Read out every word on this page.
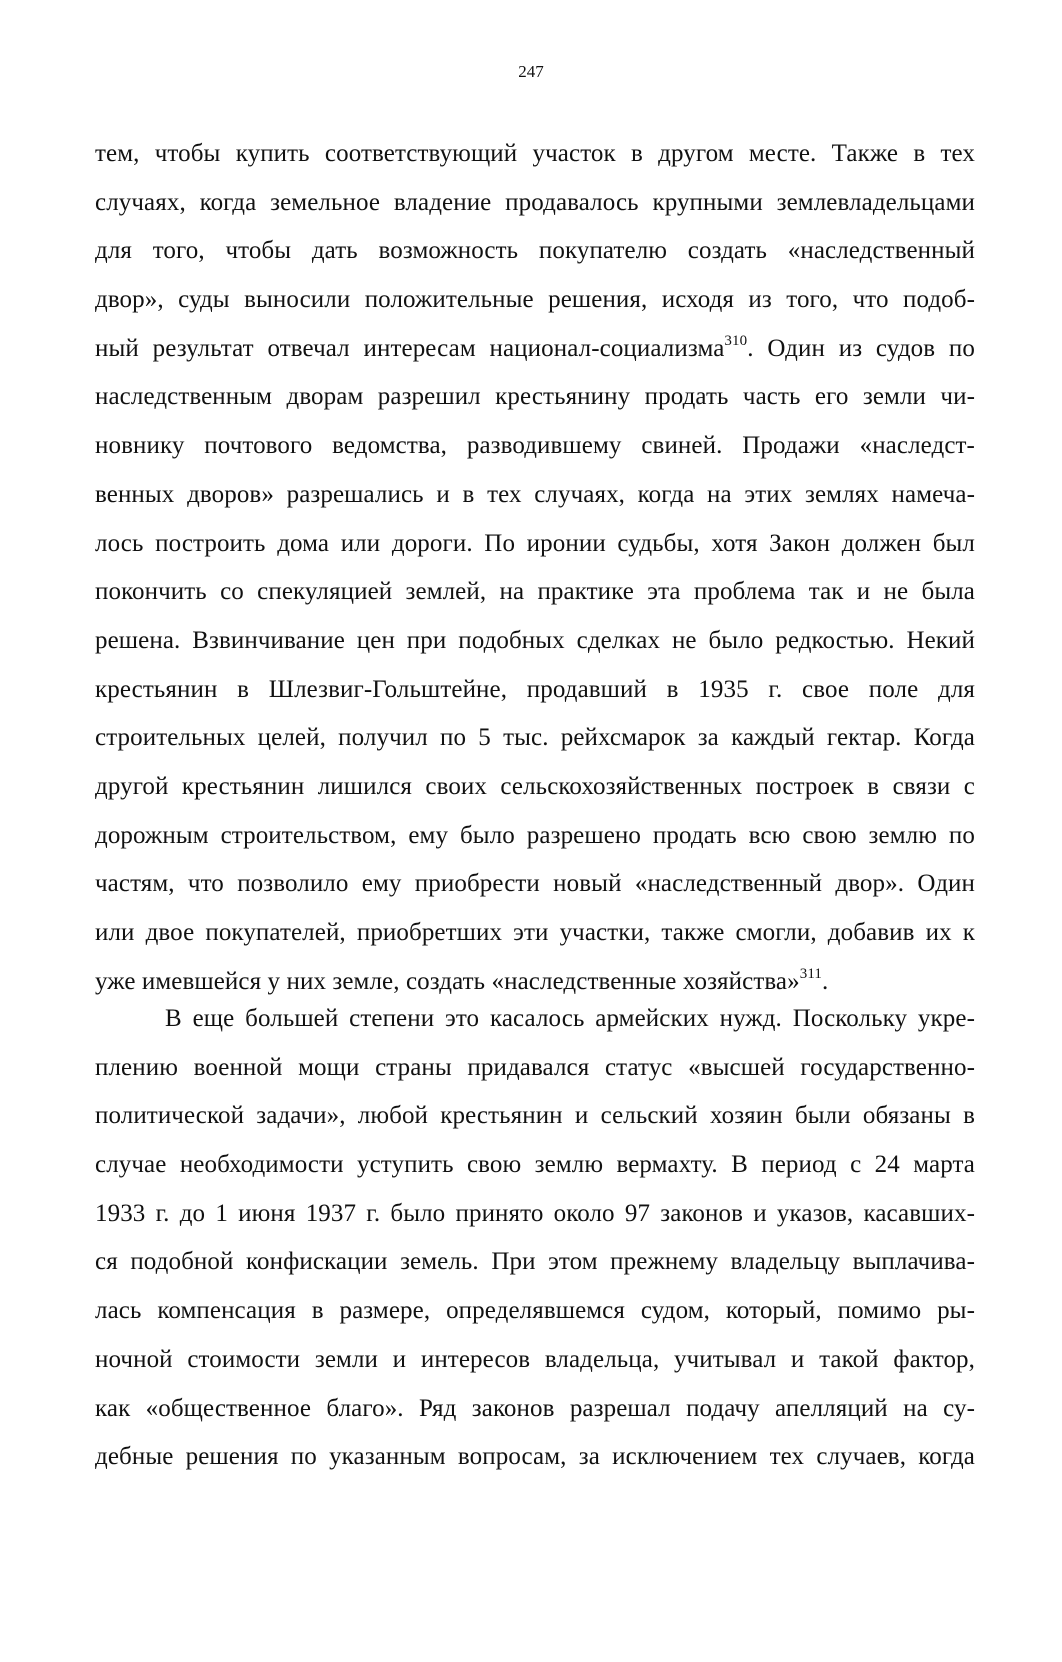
247
тем, чтобы купить соответствующий участок в другом месте. Также в тех
случаях, когда земельное владение продавалось крупными землевладельцами
для того, чтобы дать возможность покупателю создать «наследственный
двор», суды выносили положительные решения, исходя из того, что подоб-
ный результат отвечал интересам национал-социализма$^{310}$. Один из судов по
наследственным дворам разрешил крестьянину продать часть его земли чи-
новнику почтового ведомства, разводившему свиней. Продажи «наследст-
венных дворов» разрешались и в тех случаях, когда на этих землях намеча-
лось построить дома или дороги. По иронии судьбы, хотя Закон должен был
покончить со спекуляцией землей, на практике эта проблема так и не была
решена. Взвинчивание цен при подобных сделках не было редкостью. Некий
крестьянин в Шлезвиг-Гольштейне, продавший в 1935 г. свое поле для
строительных целей, получил по 5 тыс. рейхсмарок за каждый гектар. Когда
другой крестьянин лишился своих сельскохозяйственных построек в связи с
дорожным строительством, ему было разрешено продать всю свою землю по
частям, что позволило ему приобрести новый «наследственный двор». Один
или двое покупателей, приобретших эти участки, также смогли, добавив их к
уже имевшейся у них земле, создать «наследственные хозяйства»$^{311}$.
В еще большей степени это касалось армейских нужд. Поскольку укре-
плению военной мощи страны придавался статус «высшей государственно-
политической задачи», любой крестьянин и сельский хозяин были обязаны в
случае необходимости уступить свою землю вермахту. В период с 24 марта
1933 г. до 1 июня 1937 г. было принято около 97 законов и указов, касавших-
ся подобной конфискации земель. При этом прежнему владельцу выплачива-
лась компенсация в размере, определявшемся судом, который, помимо ры-
ночной стоимости земли и интересов владельца, учитывал и такой фактор,
как «общественное благо». Ряд законов разрешал подачу апелляций на су-
дебные решения по указанным вопросам, за исключением тех случаев, когда
